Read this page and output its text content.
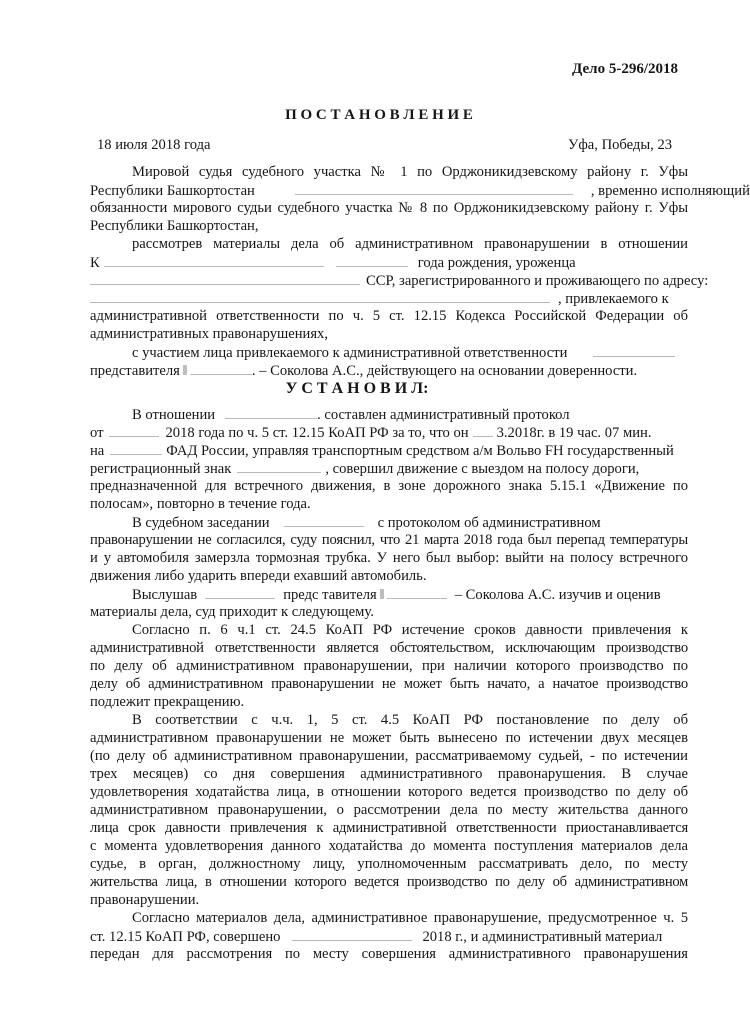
Дело 5-296/2018
П О С Т А Н О В Л Е Н И Е
18 июля 2018 года	Уфа, Победы, 23
Мировой судья судебного участка № 1 по Орджоникидзевскому району г. Уфы
Республики Башкортостан	, временно исполняющий
обязанности мирового судьи судебного участка № 8 по Орджоникидзевскому району г. Уфы
Республики Башкортостан,
рассмотрев материалы дела об административном правонарушении в отношении
К	года рождения, уроженца
ССР, зарегистрированного и проживающего по адресу:
, привлекаемого к
административной ответственности по ч. 5 ст. 12.15 Кодекса Российской Федерации об
административных правонарушениях,
с участием лица привлекаемого к административной ответственности
представителя	. – Соколова А.С., действующего на основании доверенности.
У С Т А Н О В И Л:
В отношении	. составлен административный протокол
от	2018 года по ч. 5 ст. 12.15 КоАП РФ за то, что он 3.2018г. в 19 час. 07 мин.
на	ФАД России, управляя транспортным средством а/м Вольво FH государственный
регистрационный знак	, совершил движение с выездом на полосу дороги,
предназначенной для встречного движения, в зоне дорожного знака 5.15.1 «Движение по
полосам», повторно в течение года.
В судебном заседании	с протоколом об административном
правонарушении не согласился, суду пояснил, что 21 марта 2018 года был перепад температуры
и у автомобиля замерзла тормозная трубка. У него был выбор: выйти на полосу встречного
движения либо ударить впереди ехавший автомобиль.
Выслушав	предс тавителя	– Соколова А.С. изучив и оценив
материалы дела, суд приходит к следующему.
Согласно п. 6 ч.1 ст. 24.5 КоАП РФ истечение сроков давности привлечения к
административной ответственности является обстоятельством, исключающим производство
по делу об административном правонарушении, при наличии которого производство по
делу об административном правонарушении не может быть начато, а начатое производство
подлежит прекращению.
В соответствии с ч.ч. 1, 5 ст. 4.5 КоАП РФ постановление по делу об
административном правонарушении не может быть вынесено по истечении двух месяцев
(по делу об административном правонарушении, рассматриваемому судьей, - по истечении
трех месяцев) со дня совершения административного правонарушения. В случае
удовлетворения ходатайства лица, в отношении которого ведется производство по делу об
административном правонарушении, о рассмотрении дела по месту жительства данного
лица срок давности привлечения к административной ответственности приостанавливается
с момента удовлетворения данного ходатайства до момента поступления материалов дела
судье, в орган, должностному лицу, уполномоченным рассматривать дело, по месту
жительства лица, в отношении которого ведется производство по делу об административном
правонарушении.
Согласно материалов дела, административное правонарушение, предусмотренное ч. 5
ст. 12.15 КоАП РФ, совершено	2018 г., и административный материал
передан для рассмотрения по месту совершения административного правонарушения
